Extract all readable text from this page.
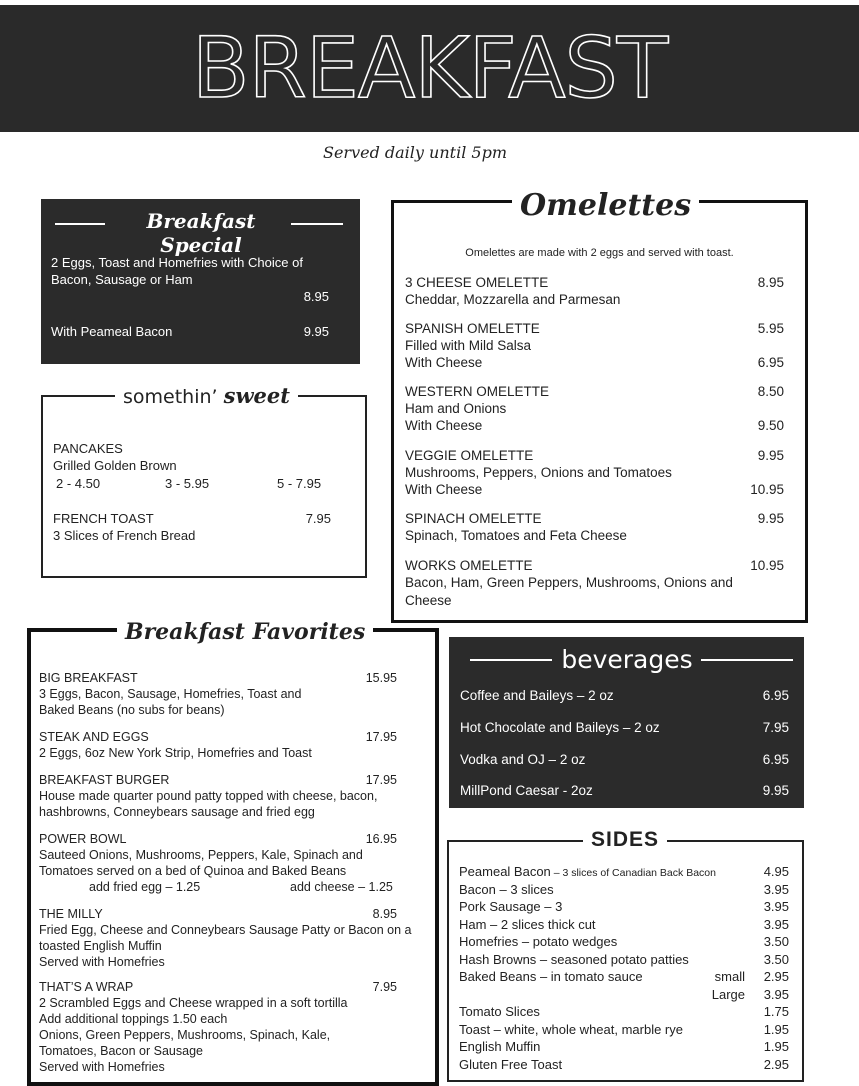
BREAKFAST
Served daily until 5pm
Breakfast Special
2 Eggs, Toast and Homefries with Choice of
Bacon, Sausage or Ham
8.95
With Peameal Bacon	9.95
somethin’ sweet
PANCAKES
Grilled Golden Brown
2 - 4.50	3 - 5.95	5 - 7.95
FRENCH TOAST	7.95
3 Slices of French Bread
Omelettes
Omelettes are made with 2 eggs and served with toast.
3 CHEESE OMELETTE	8.95
Cheddar, Mozzarella and Parmesan
SPANISH OMELETTE	5.95
Filled with Mild Salsa
With Cheese	6.95
WESTERN OMELETTE	8.50
Ham and Onions
With Cheese	9.50
VEGGIE OMELETTE	9.95
Mushrooms, Peppers, Onions and Tomatoes
With Cheese	10.95
SPINACH OMELETTE	9.95
Spinach, Tomatoes and Feta Cheese
WORKS OMELETTE	10.95
Bacon, Ham, Green Peppers, Mushrooms, Onions and
Cheese
Breakfast Favorites
BIG BREAKFAST	15.95
3 Eggs, Bacon, Sausage, Homefries, Toast and
Baked Beans (no subs for beans)
STEAK AND EGGS	17.95
2 Eggs, 6oz New York Strip, Homefries and Toast
BREAKFAST BURGER	17.95
House made quarter pound patty topped with cheese, bacon,
hashbrowns, Conneybears sausage and fried egg
POWER BOWL	16.95
Sauteed Onions, Mushrooms, Peppers, Kale, Spinach and
Tomatoes served on a bed of Quinoa and Baked Beans
add fried egg – 1.25	add cheese – 1.25
THE MILLY	8.95
Fried Egg, Cheese and Conneybears Sausage Patty or Bacon on a
toasted English Muffin
Served with Homefries
THAT’S A WRAP	7.95
2 Scrambled Eggs and Cheese wrapped in a soft tortilla
Add additional toppings 1.50 each
Onions, Green Peppers, Mushrooms, Spinach, Kale,
Tomatoes, Bacon or Sausage
Served with Homefries
beverages
Coffee and Baileys – 2 oz	6.95
Hot Chocolate and Baileys – 2 oz	7.95
Vodka and OJ – 2 oz	6.95
MillPond Caesar - 2oz	9.95
SIDES
Peameal Bacon – 3 slices of Canadian Back Bacon	4.95
Bacon – 3 slices	3.95
Pork Sausage – 3	3.95
Ham – 2 slices thick cut	3.95
Homefries – potato wedges	3.50
Hash Browns – seasoned potato patties	3.50
Baked Beans – in tomato sauce	small	2.95
Large	3.95
Tomato Slices	1.75
Toast – white, whole wheat, marble rye	1.95
English Muffin	1.95
Gluten Free Toast	2.95
